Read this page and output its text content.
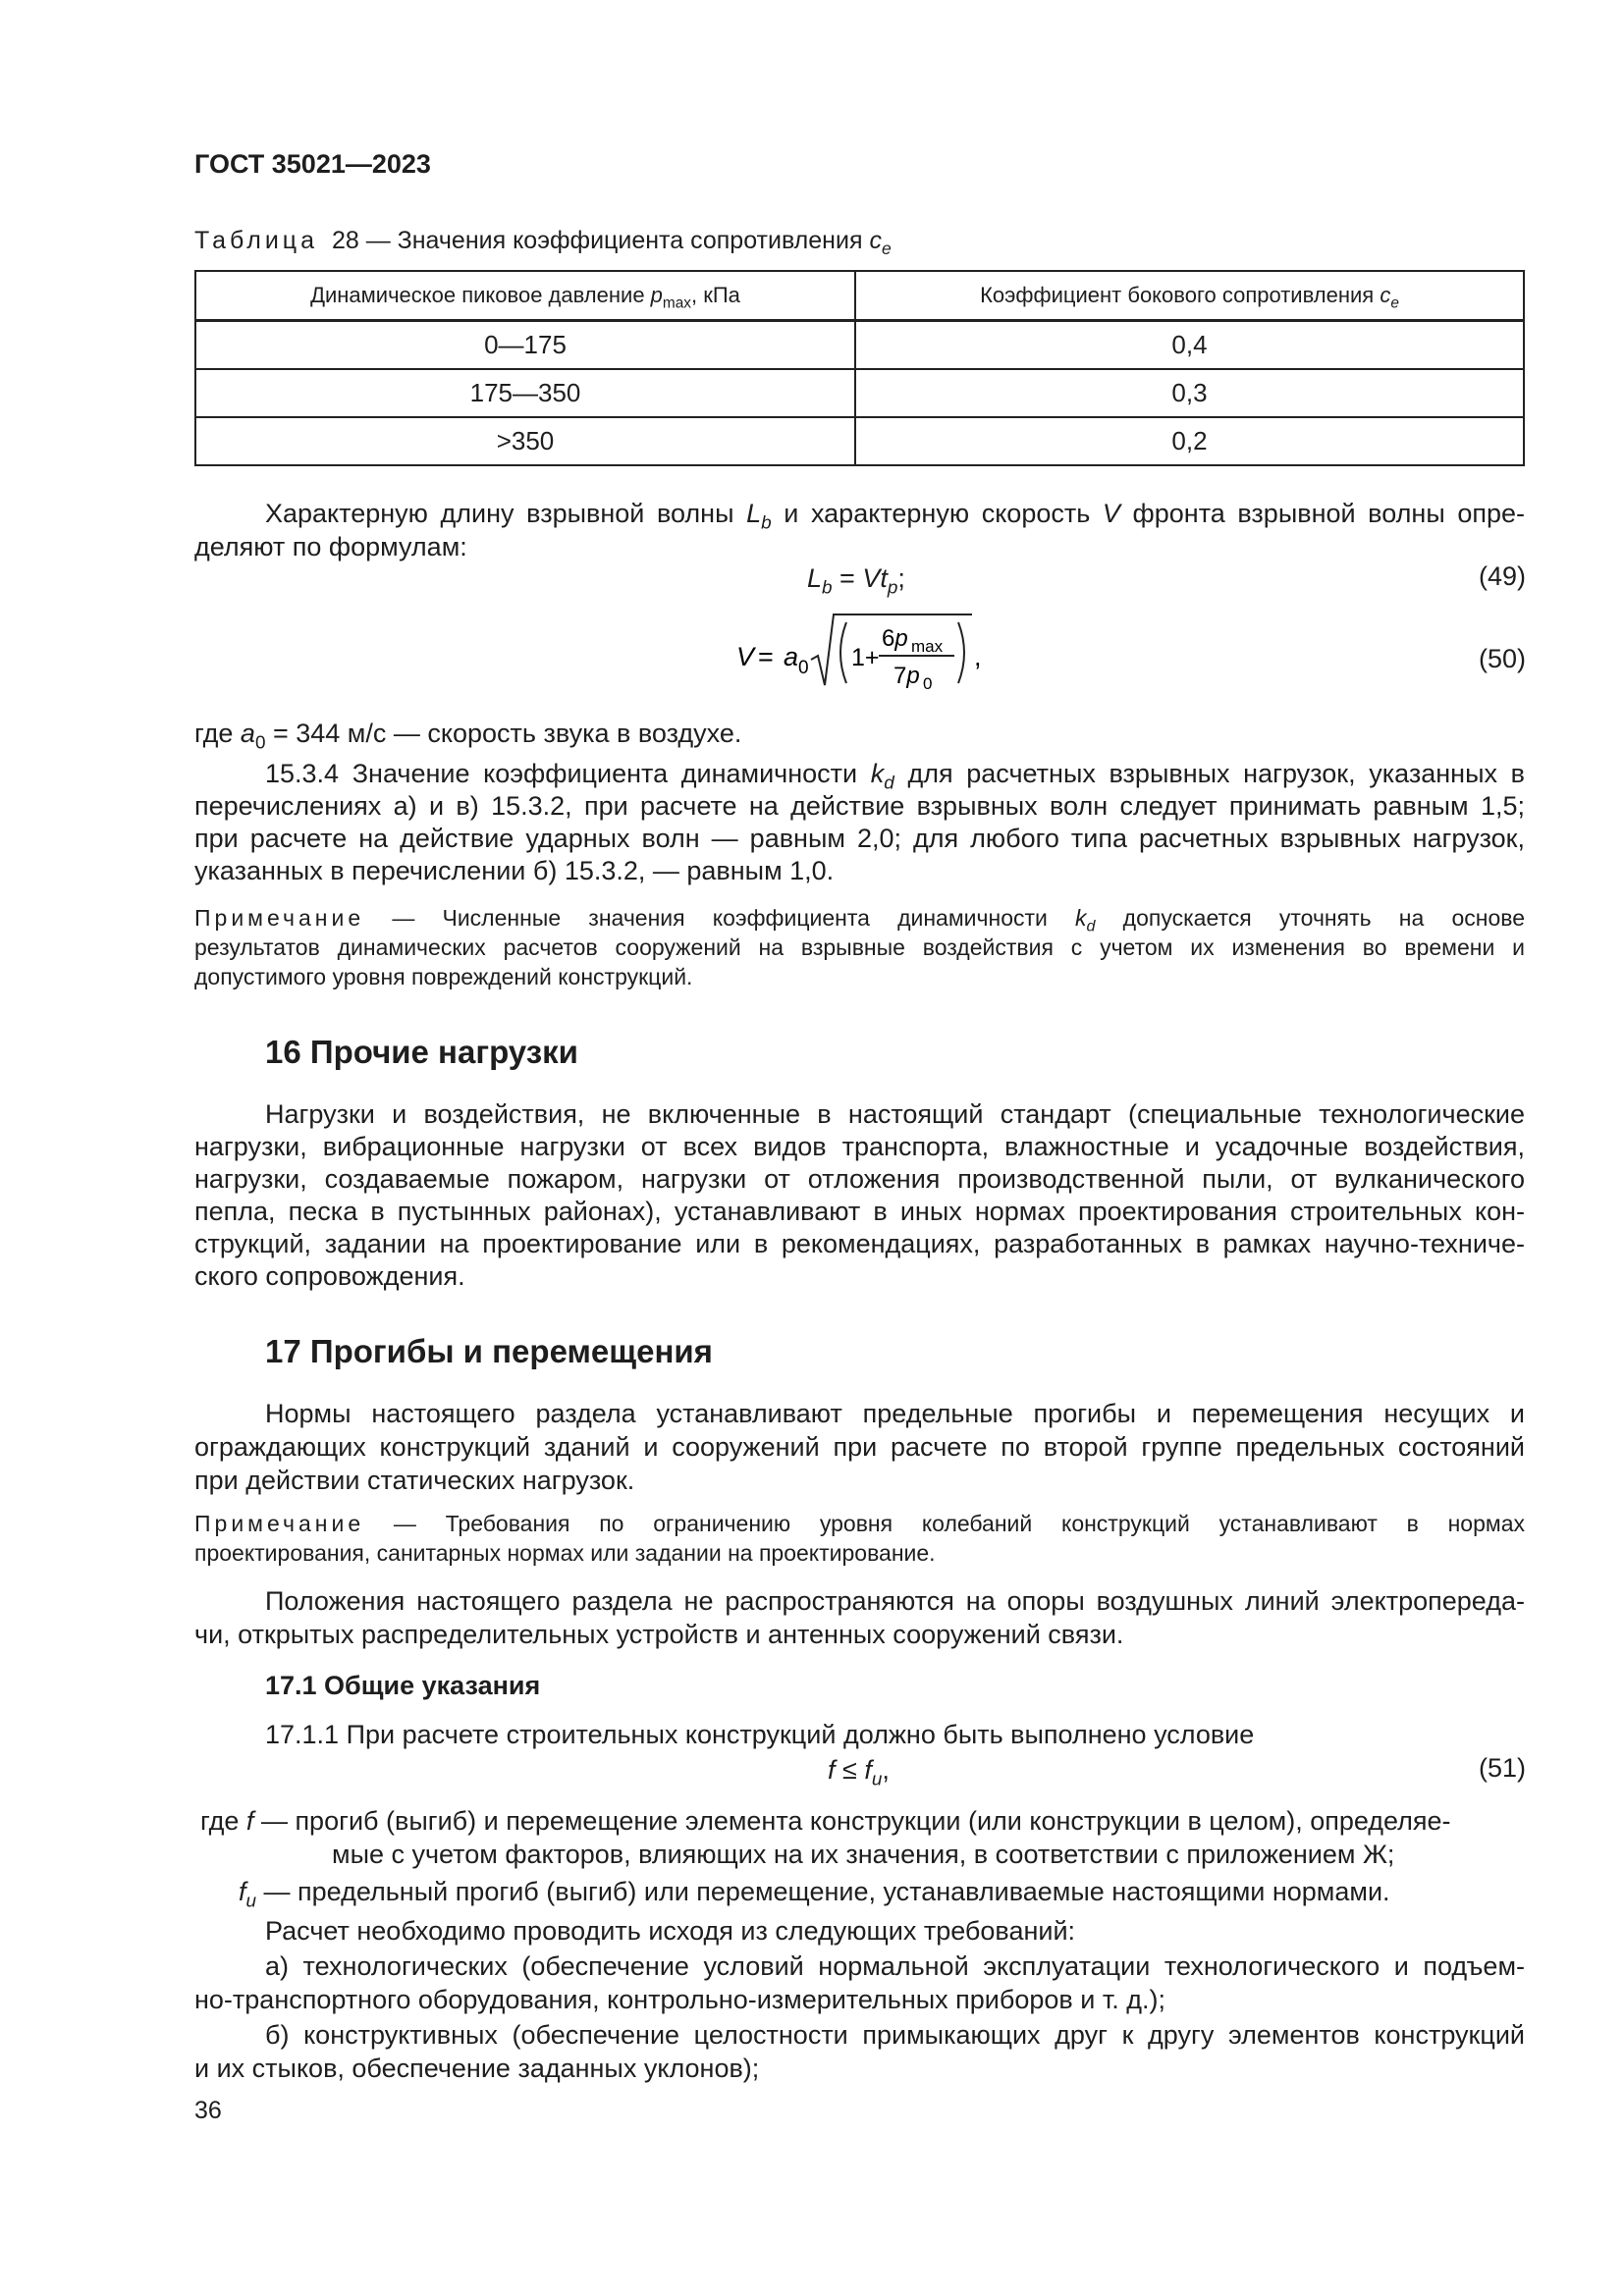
ГОСТ 35021—2023
Таблица 28 — Значения коэффициента сопротивления $c_e$
Динамическое пиковое давление $p_{max}$, кПа	Коэффициент бокового сопротивления $c_e$
0—175	0,4
175—350	0,3
>350	0,2
Характерную длину взрывной волны $L_b$ и характерную скорость V фронта взрывной волны опре-
деляют по формулам:
$L_b = Vt_p$;	(49)
V = a 0 1+
6p max
7p 0
,	(50)
где $a_0 = 344$ м/с — скорость звука в воздухе.
15.3.4 Значение коэффициента динамичности $k_d$ для расчетных взрывных нагрузок, указанных в
перечислениях а) и в) 15.3.2, при расчете на действие взрывных волн следует принимать равным 1,5;
при расчете на действие ударных волн — равным 2,0; для любого типа расчетных взрывных нагрузок,
указанных в перечислении б) 15.3.2, — равным 1,0.
Примечание — Численные значения коэффициента динамичности $k_d$ допускается уточнять на основе
результатов динамических расчетов сооружений на взрывные воздействия с учетом их изменения во времени и
допустимого уровня повреждений конструкций.
16 Прочие нагрузки
Нагрузки и воздействия, не включенные в настоящий стандарт (специальные технологические
нагрузки, вибрационные нагрузки от всех видов транспорта, влажностные и усадочные воздействия,
нагрузки, создаваемые пожаром, нагрузки от отложения производственной пыли, от вулканического
пепла, песка в пустынных районах), устанавливают в иных нормах проектирования строительных кон-
струкций, задании на проектирование или в рекомендациях, разработанных в рамках научно-техниче-
ского сопровождения.
17 Прогибы и перемещения
Нормы настоящего раздела устанавливают предельные прогибы и перемещения несущих и
ограждающих конструкций зданий и сооружений при расчете по второй группе предельных состояний
при действии статических нагрузок.
Примечание — Требования по ограничению уровня колебаний конструкций устанавливают в нормах
проектирования, санитарных нормах или задании на проектирование.
Положения настоящего раздела не распространяются на опоры воздушных линий электропереда-
чи, открытых распределительных устройств и антенных сооружений связи.
17.1 Общие указания
17.1.1 При расчете строительных конструкций должно быть выполнено условие
$f \le f_u$,	(51)
где f — прогиб (выгиб) и перемещение элемента конструкции (или конструкции в целом), определяе-
мые с учетом факторов, влияющих на их значения, в соответствии с приложением Ж;
$f_u$ — предельный прогиб (выгиб) или перемещение, устанавливаемые настоящими нормами.
Расчет необходимо проводить исходя из следующих требований:
а) технологических (обеспечение условий нормальной эксплуатации технологического и подъем-
но-транспортного оборудования, контрольно-измерительных приборов и т. д.);
б) конструктивных (обеспечение целостности примыкающих друг к другу элементов конструкций
и их стыков, обеспечение заданных уклонов);
36
